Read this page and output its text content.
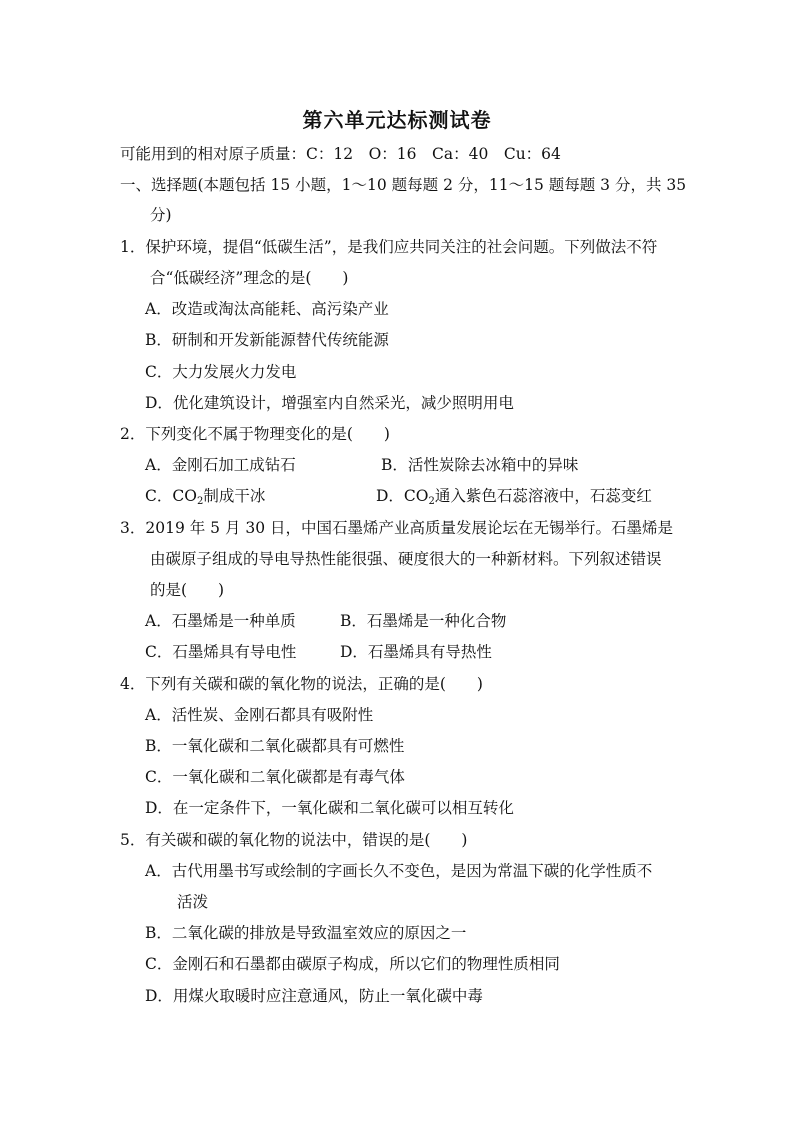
第六单元达标测试卷
可能用到的相对原子质量：C：12　O：16　Ca：40　Cu：64
一、选择题(本题包括 15 小题，1～10 题每题 2 分，11～15 题每题 3 分，共 35
分)
1．保护环境，提倡“低碳生活”，是我们应共同关注的社会问题。下列做法不符
合“低碳经济”理念的是(　　)
A．改造或淘汰高能耗、高污染产业
B．研制和开发新能源替代传统能源
C．大力发展火力发电
D．优化建筑设计，增强室内自然采光，减少照明用电
2．下列变化不属于物理变化的是(　　)
A．金刚石加工成钻石	B．活性炭除去冰箱中的异味
C．$CO_2$制成干冰	D．$CO_2$通入紫色石蕊溶液中，石蕊变红
3．2019 年 5 月 30 日，中国石墨烯产业高质量发展论坛在无锡举行。石墨烯是
由碳原子组成的导电导热性能很强、硬度很大的一种新材料。下列叙述错误
的是(　　)
A．石墨烯是一种单质	B．石墨烯是一种化合物
C．石墨烯具有导电性	D．石墨烯具有导热性
4．下列有关碳和碳的氧化物的说法，正确的是(　　)
A．活性炭、金刚石都具有吸附性
B．一氧化碳和二氧化碳都具有可燃性
C．一氧化碳和二氧化碳都是有毒气体
D．在一定条件下，一氧化碳和二氧化碳可以相互转化
5．有关碳和碳的氧化物的说法中，错误的是(　　)
A．古代用墨书写或绘制的字画长久不变色，是因为常温下碳的化学性质不
活泼
B．二氧化碳的排放是导致温室效应的原因之一
C．金刚石和石墨都由碳原子构成，所以它们的物理性质相同
D．用煤火取暖时应注意通风，防止一氧化碳中毒
